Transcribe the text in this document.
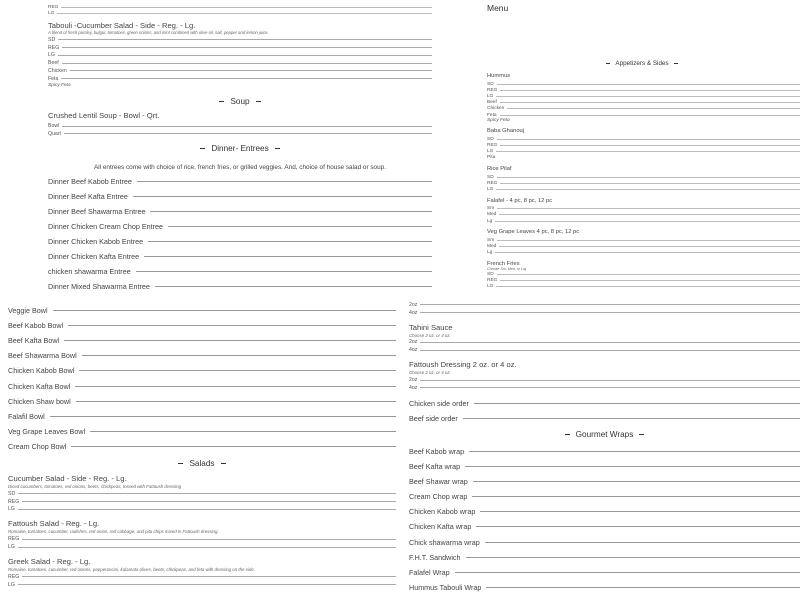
REG
LG
Tabouli -Cucumber Salad - Side - Reg. - Lg.
A blend of fresh parsley, bulgur, tomatoes, green onions, and mint combined with olive oil, salt, pepper and lemon juice.
SD
REG
LG
Beef
Chicken
Feta
Spicy Feta
Soup
Crushed Lentil Soup - Bowl - Qrt.
Bowl
Quart
Dinner- Entrees
All entrees come with choice of rice, french fries, or grilled veggies. And, choice of house salad or soup.
Dinner Beef Kabob Entree
Dinner Beef Kafta Entree
Dinner Beef Shawarma Entree
Dinner Chicken Cream Chop Entree
Dinner Chicken Kabob Entree
Dinner Chicken Kafta Entree
chicken shawarma Entree
Dinner Mixed Shawarma Entree
Menu
Appetizers & Sides
Hummus
SD
REG
LG
Beef
Chicken
Feta
Spicy Feta
Baba Ghanouj
SD
REG
LG
Pita
Rice Pilaf
SD
REG
LG
Falafel - 4 pc, 8 pc, 12 pc
Sm
Med
Lg
Veg Grape Leaves 4 pc, 8 pc, 12 pc
Sm
Med
Lg
French Fries
Choose Sm, Med, or Lrg
SD
REG
LG
Veggie Bowl
Beef Kabob Bowl
Beef Kafta Bowl
Beef Shawarma Bowl
Chicken Kabob Bowl
Chicken Kafta Bowl
Chicken Shaw bowl
Falafil Bowl
Veg Grape Leaves Bowl
Cream Chop Bowl
Salads
Cucumber Salad - Side - Reg. - Lg.
Diced cucumbers, tomatoes, red onions, beets, chickpeas, tossed with Fattoush dressing
SD
REG
LG
Fattoush Salad - Reg. - Lg.
Romaine, tomatoes, cucumber, radishes, red onion, red cabbage, and pita chips mixed in Fattoush dressing.
REG
LG
Greek Salad - Reg. - Lg.
Romaine, tomatoes, cucumber, red onions, pepperoncini, kalamata olives, beets, chickpeas, and feta with dressing on the side.
REG
LG
2oz
4oz
Tahini Sauce
Choose 2 oz. or 4 oz.
2oz
4oz
Fattoush Dressing 2 oz. or 4 oz.
Choose 2 oz. or 4 oz.
2oz
4oz
Chicken side order
Beef side order
Gourmet Wraps
Beef Kabob wrap
Beef Kafta wrap
Beef Shawar wrap
Cream Chop wrap
Chicken Kabob wrap
Chicken Kafta wrap
Chick shawarma wrap
F.H.T. Sandwich
Falafel Wrap
Hummus Tabouli Wrap
